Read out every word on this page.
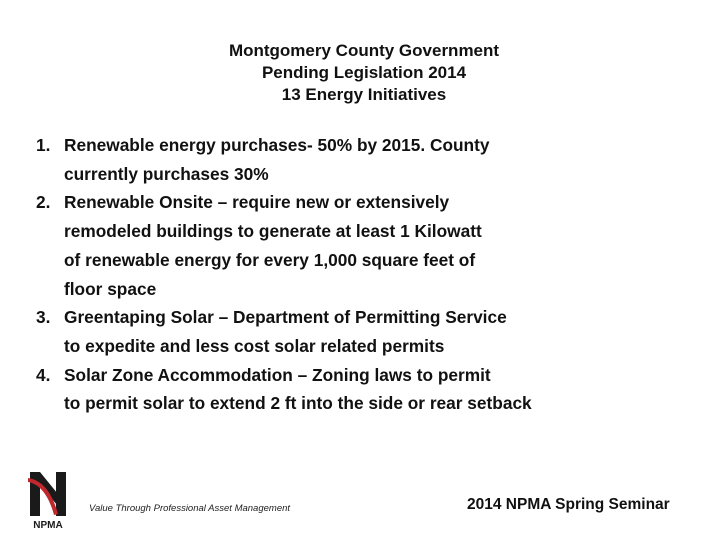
Montgomery County Government
Pending Legislation 2014
13 Energy Initiatives
1. Renewable energy purchases- 50% by 2015. County
currently purchases 30%
2. Renewable Onsite – require new or extensively
remodeled buildings to generate at least 1 Kilowatt
of renewable energy for every 1,000 square feet of
floor space
3. Greentaping Solar – Department of Permitting Service
to expedite and less cost solar related permits
4. Solar Zone Accommodation – Zoning laws to permit
to permit solar to extend 2 ft into the side or rear setback
NPMA
Value Through Professional Asset Management	2014 NPMA Spring Seminar
